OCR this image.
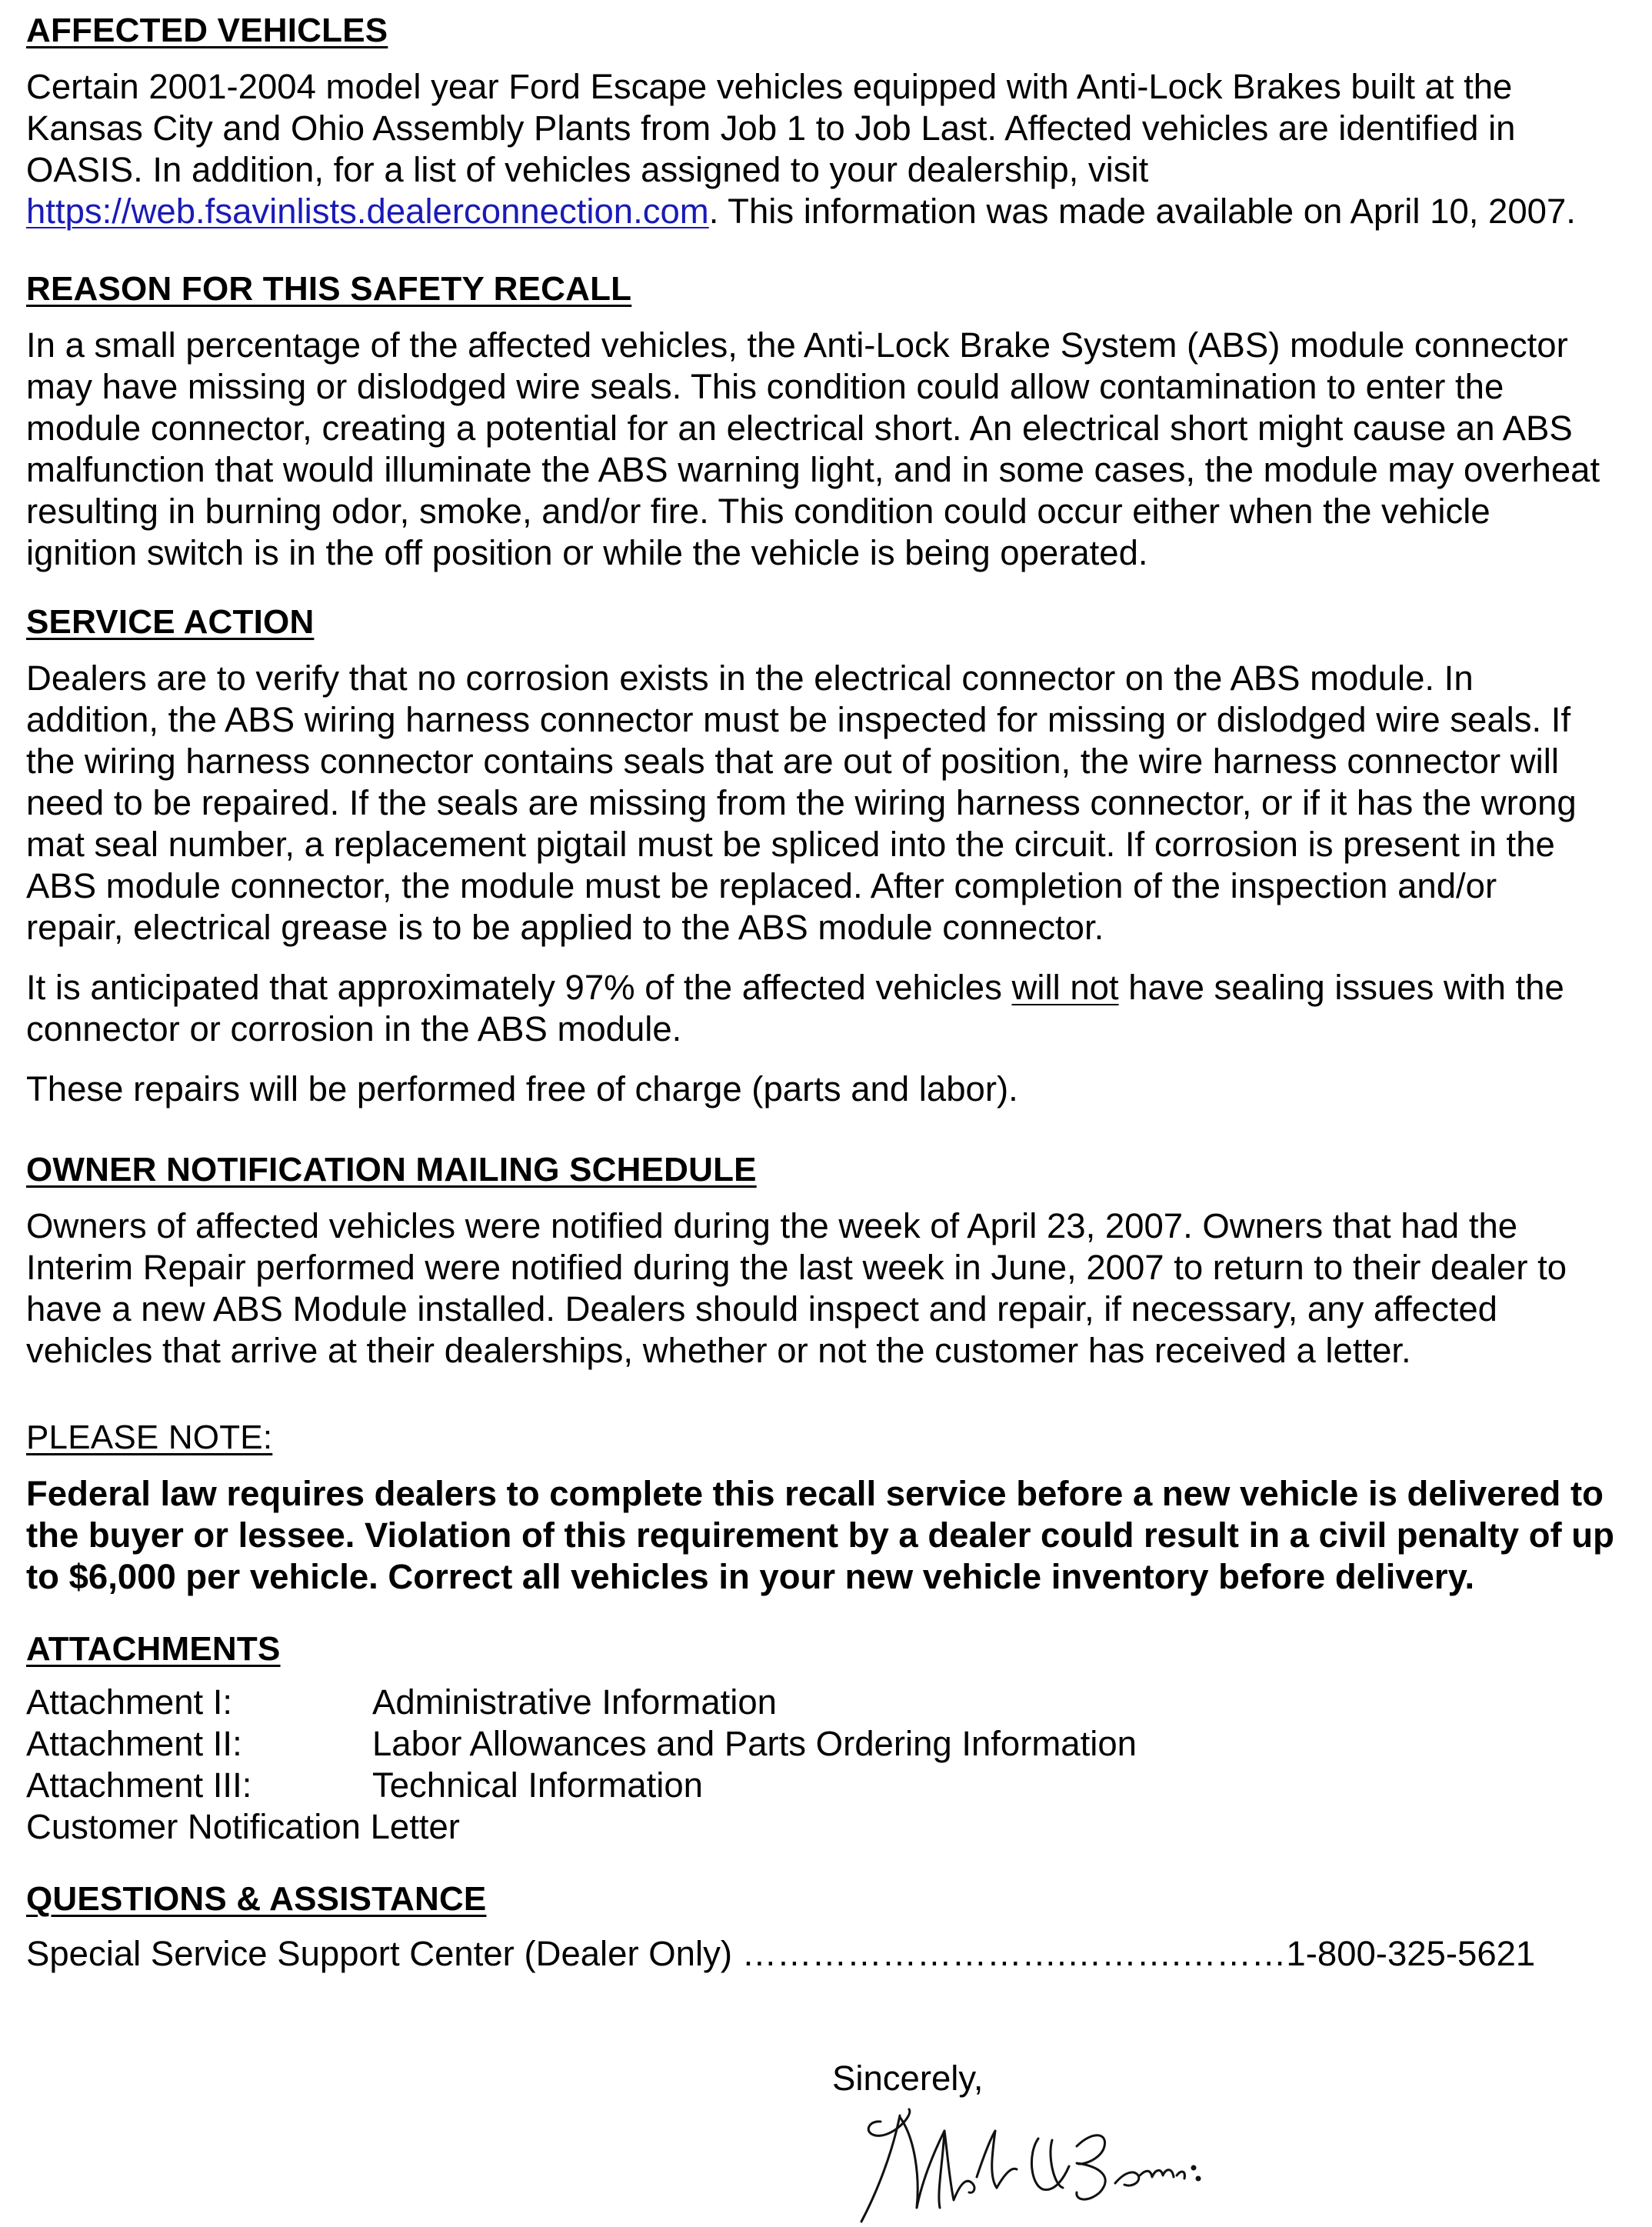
AFFECTED VEHICLES

Certain 2001-2004 model year Ford Escape vehicles equipped with Anti-Lock Brakes built at the

Kansas City and Ohio Assembly Plants from Job 1 to Job Last. Affected vehicles are identified in

OASIS. In addition, for a list of vehicles assigned to your dealership, visit

https://web.fsavinlists.dealerconnection.com. This information was made available on April 10, 2007.

REASON FOR THIS SAFETY RECALL

In a small percentage of the affected vehicles, the Anti-Lock Brake System (ABS) module connector

may have missing or dislodged wire seals. This condition could allow contamination to enter the

module connector, creating a potential for an electrical short. An electrical short might cause an ABS

malfunction that would illuminate the ABS warning light, and in some cases, the module may overheat

resulting in burning odor, smoke, and/or fire. This condition could occur either when the vehicle

ignition switch is in the off position or while the vehicle is being operated.

SERVICE ACTION

Dealers are to verify that no corrosion exists in the electrical connector on the ABS module. In

addition, the ABS wiring harness connector must be inspected for missing or dislodged wire seals. If

the wiring harness connector contains seals that are out of position, the wire harness connector will

need to be repaired. If the seals are missing from the wiring harness connector, or if it has the wrong

mat seal number, a replacement pigtail must be spliced into the circuit. If corrosion is present in the

ABS module connector, the module must be replaced. After completion of the inspection and/or

repair, electrical grease is to be applied to the ABS module connector.

It is anticipated that approximately 97% of the affected vehicles will not have sealing issues with the

connector or corrosion in the ABS module.

These repairs will be performed free of charge (parts and labor).

OWNER NOTIFICATION MAILING SCHEDULE

Owners of affected vehicles were notified during the week of April 23, 2007. Owners that had the

Interim Repair performed were notified during the last week in June, 2007 to return to their dealer to

have a new ABS Module installed. Dealers should inspect and repair, if necessary, any affected

vehicles that arrive at their dealerships, whether or not the customer has received a letter.

PLEASE NOTE:

Federal law requires dealers to complete this recall service before a new vehicle is delivered to

the buyer or lessee. Violation of this requirement by a dealer could result in a civil penalty of up

to $6,000 per vehicle. Correct all vehicles in your new vehicle inventory before delivery.

ATTACHMENTS
Attachment I:	Administrative Information
Attachment II:	Labor Allowances and Parts Ordering Information
Attachment III:	Technical Information

Customer Notification Letter

QUESTIONS & ASSISTANCE
Special Service Support Center (Dealer Only) ……………………….……….………1-800-325-5621

Sincerely,
